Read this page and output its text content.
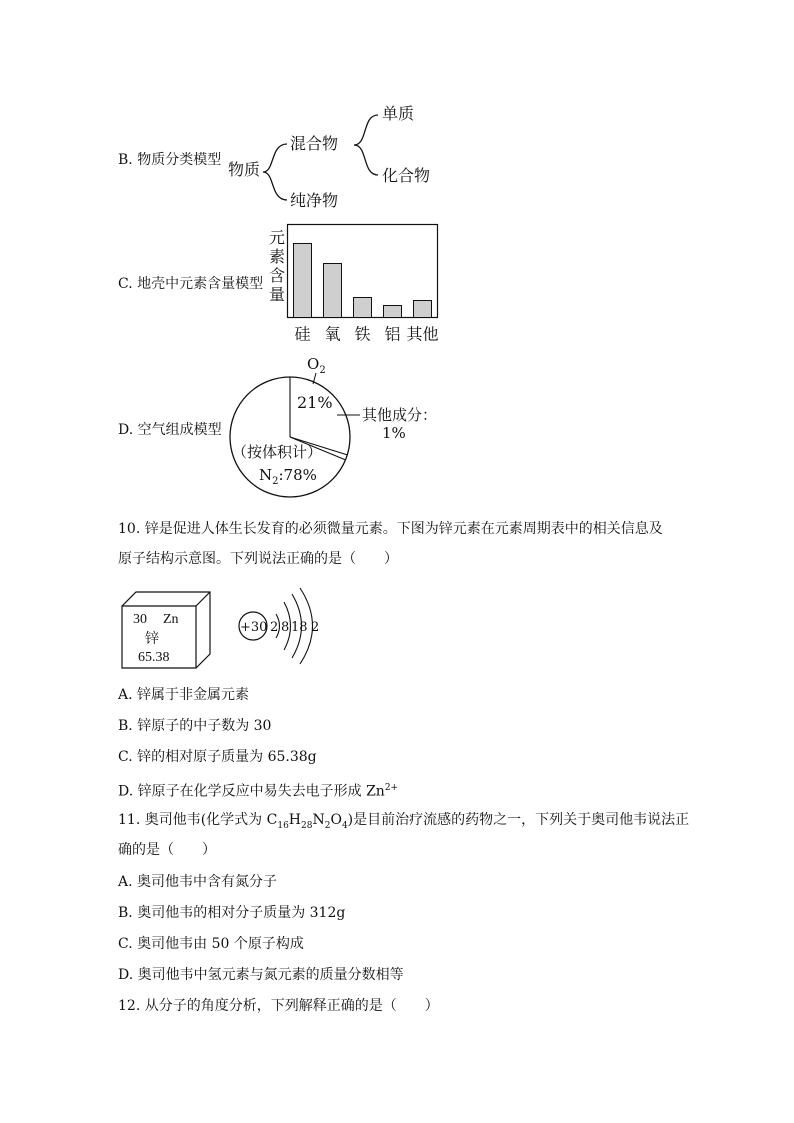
B. 物质分类模型 物质
混合物
纯净物
单质
化合物
C. 地壳中元素含量模型
元
素
含
量
硅 氧 铁 铝 其他
D. 空气组成模型
$O_2$
21%
其他成分：
1%
（按体积计）
$N_2:78\%$
10. 锌是促进人体生长发育的必须微量元素。下图为锌元素在元素周期表中的相关信息及
原子结构示意图。下列说法正确的是（　　）
30 Zn
锌
65.38
+30 2 8 18 2
A. 锌属于非金属元素
B. 锌原子的中子数为 30
C. 锌的相对原子质量为 65.38g
D. 锌原子在化学反应中易失去电子形成 $Zn^{2+}$
11. 奥司他韦(化学式为 $C_{16}H_{28}N_2O_4$)是目前治疗流感的药物之一，下列关于奥司他韦说法正
确的是（　　）
A. 奥司他韦中含有氮分子
B. 奥司他韦的相对分子质量为 312g
C. 奥司他韦由 50 个原子构成
D. 奥司他韦中氢元素与氮元素的质量分数相等
12. 从分子的角度分析，下列解释正确的是（　　）
